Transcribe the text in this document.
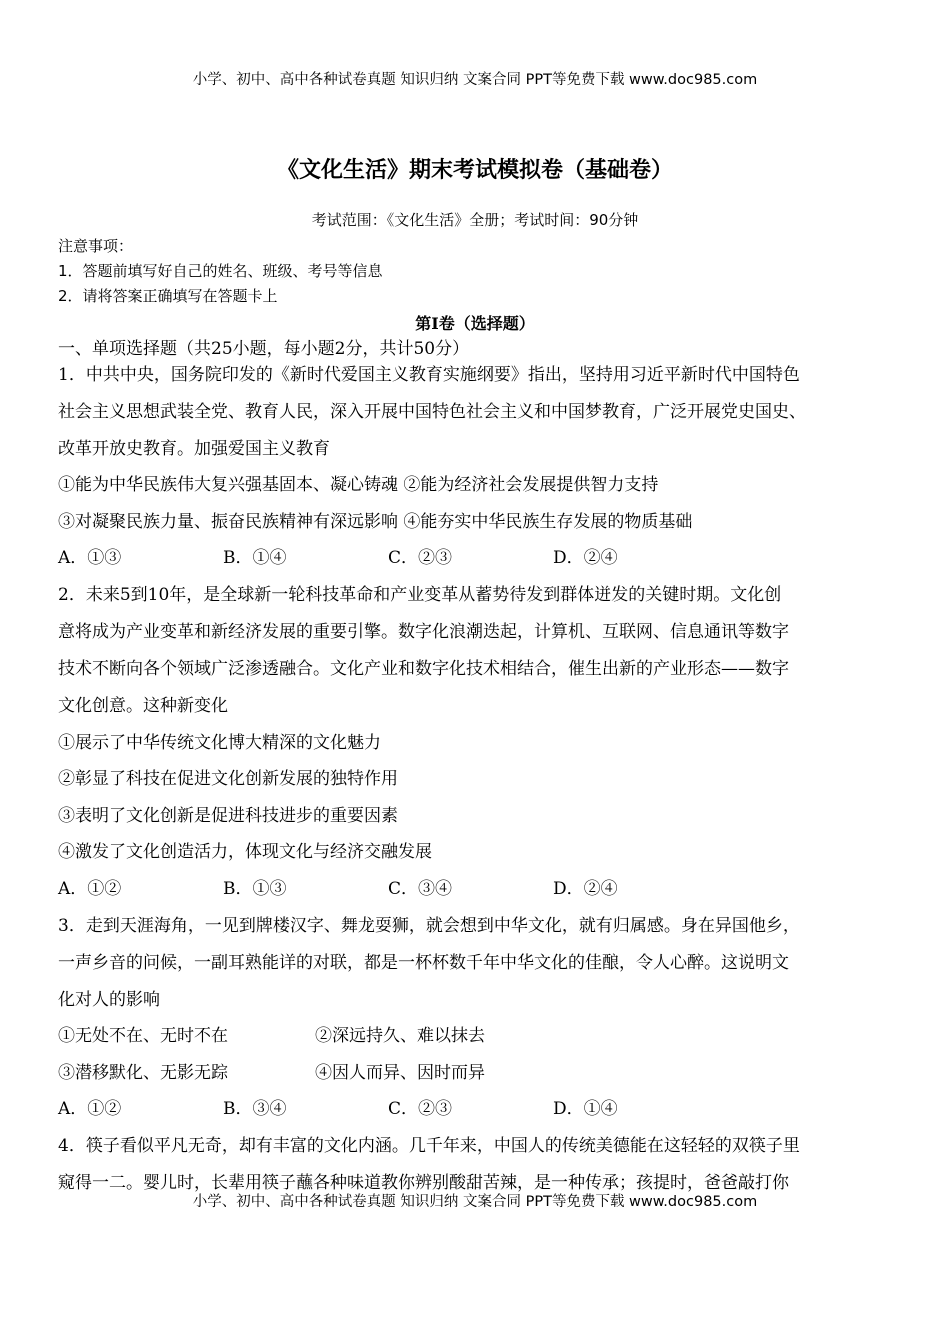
小学、初中、高中各种试卷真题 知识归纳 文案合同 PPT等免费下载 www.doc985.com
《文化生活》期末考试模拟卷（基础卷）
考试范围：《文化生活》全册；考试时间：90分钟
注意事项：
1．答题前填写好自己的姓名、班级、考号等信息
2．请将答案正确填写在答题卡上
第I卷（选择题）
一、单项选择题（共25小题，每小题2分，共计50分）
1．中共中央，国务院印发的《新时代爱国主义教育实施纲要》指出，坚持用习近平新时代中国特色
社会主义思想武装全党、教育人民，深入开展中国特色社会主义和中国梦教育，广泛开展党史国史、
改革开放史教育。加强爱国主义教育
①能为中华民族伟大复兴强基固本、凝心铸魂 ②能为经济社会发展提供智力支持
③对凝聚民族力量、振奋民族精神有深远影响 ④能夯实中华民族生存发展的物质基础
A．①③	B．①④	C．②③	D．②④
2．未来5到10年，是全球新一轮科技革命和产业变革从蓄势待发到群体迸发的关键时期。文化创
意将成为产业变革和新经济发展的重要引擎。数字化浪潮迭起，计算机、互联网、信息通讯等数字
技术不断向各个领域广泛渗透融合。文化产业和数字化技术相结合，催生出新的产业形态——数字
文化创意。这种新变化
①展示了中华传统文化博大精深的文化魅力
②彰显了科技在促进文化创新发展的独特作用
③表明了文化创新是促进科技进步的重要因素
④激发了文化创造活力，体现文化与经济交融发展
A．①②	B．①③	C．③④	D．②④
3．走到天涯海角，一见到牌楼汉字、舞龙耍狮，就会想到中华文化，就有归属感。身在异国他乡，
一声乡音的问候，一副耳熟能详的对联，都是一杯杯数千年中华文化的佳酿，令人心醉。这说明文
化对人的影响
①无处不在、无时不在	②深远持久、难以抹去
③潜移默化、无影无踪	④因人而异、因时而异
A．①②	B．③④	C．②③	D．①④
4．筷子看似平凡无奇，却有丰富的文化内涵。几千年来，中国人的传统美德能在这轻轻的双筷子里
窥得一二。婴儿时，长辈用筷子蘸各种味道教你辨别酸甜苦辣，是一种传承；孩提时，爸爸敲打你
小学、初中、高中各种试卷真题 知识归纳 文案合同 PPT等免费下载 www.doc985.com
